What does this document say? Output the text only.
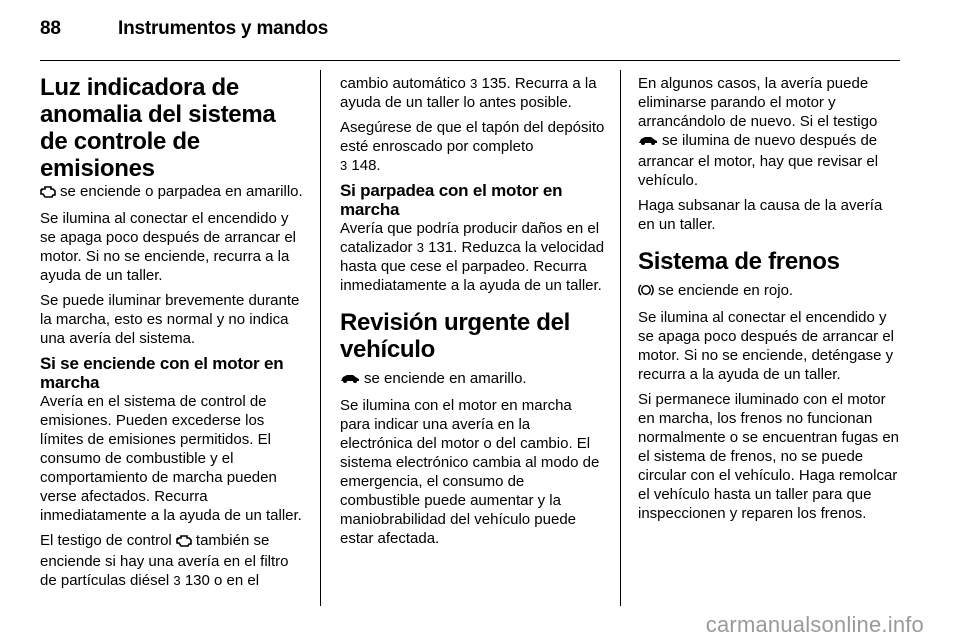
88	Instrumentos y mandos
Luz indicadora de anomalia del sistema de controle de emisiones

se enciende o parpadea en amarillo.

Se ilumina al conectar el encendido y se apaga poco después de arrancar el motor. Si no se enciende, recurra a la ayuda de un taller.

Se puede iluminar brevemente durante la marcha, esto es normal y no indica una avería del sistema.

Si se enciende con el motor en marcha

Avería en el sistema de control de emisiones. Pueden excederse los límites de emisiones permitidos. El consumo de combustible y el comportamiento de marcha pueden verse afectados. Recurra inmediatamente a la ayuda de un taller.

El testigo de control también se enciende si hay una avería en el filtro de partículas diésel 3 130 o en el

cambio automático 3 135. Recurra a la ayuda de un taller lo antes posible.

Asegúrese de que el tapón del depósito esté enroscado por completo
3 148.

Si parpadea con el motor en marcha

Avería que podría producir daños en el catalizador 3 131. Reduzca la velocidad hasta que cese el parpadeo. Recurra inmediatamente a la ayuda de un taller.

Revisión urgente del vehículo

se enciende en amarillo.

Se ilumina con el motor en marcha para indicar una avería en la electrónica del motor o del cambio. El sistema electrónico cambia al modo de emergencia, el consumo de combustible puede aumentar y la maniobrabilidad del vehículo puede estar afectada.

En algunos casos, la avería puede eliminarse parando el motor y arrancándolo de nuevo. Si el testigo se ilumina de nuevo después de arrancar el motor, hay que revisar el vehículo.

Haga subsanar la causa de la avería en un taller.

Sistema de frenos

se enciende en rojo.

Se ilumina al conectar el encendido y se apaga poco después de arrancar el motor. Si no se enciende, deténgase y recurra a la ayuda de un taller.

Si permanece iluminado con el motor en marcha, los frenos no funcionan normalmente o se encuentran fugas en el sistema de frenos, no se puede circular con el vehículo. Haga remolcar el vehículo hasta un taller para que inspeccionen y reparen los frenos.

carmanualsonline.info
